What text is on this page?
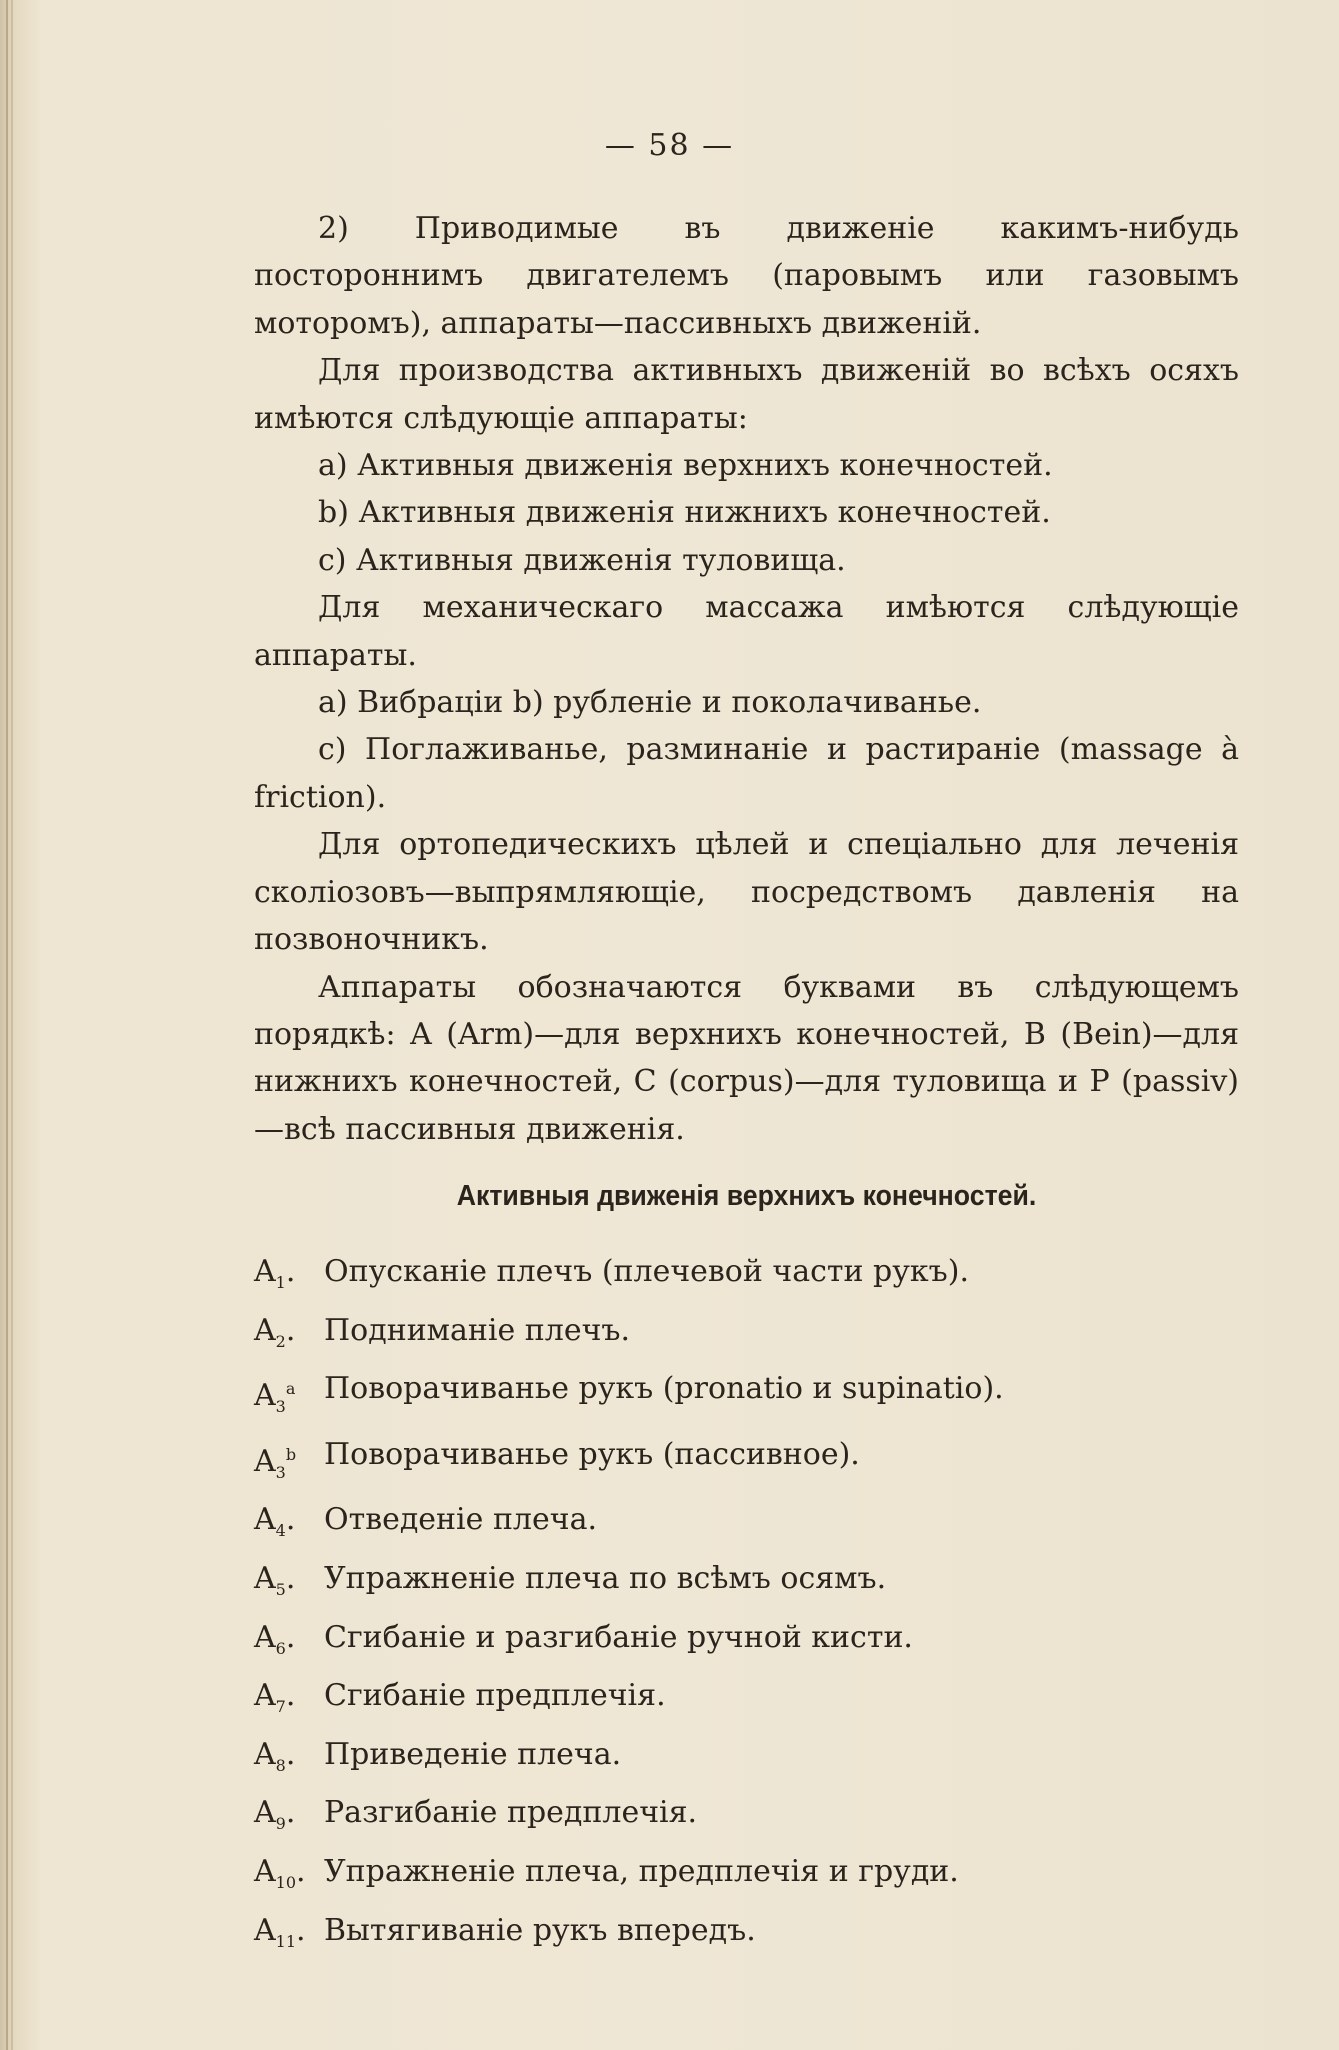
— 58 —

2) Приводимые въ движеніе какимъ-нибудь постороннимъ двигателемъ (паровымъ или газовымъ моторомъ), аппараты—пассивныхъ движеній.

Для производства активныхъ движеній во всѣхъ осяхъ имѣются слѣдующіе аппараты:

a) Активныя движенія верхнихъ конечностей.

b) Активныя движенія нижнихъ конечностей.

c) Активныя движенія туловища.

Для механическаго массажа имѣются слѣдующіе аппараты.

a) Вибраціи b) рубленіе и поколачиванье.

c) Поглаживанье, разминаніе и растираніе (massage à friction).

Для ортопедическихъ цѣлей и спеціально для леченія сколіозовъ—выпрямляющіе, посредствомъ давленія на позвоночникъ.

Аппараты обозначаются буквами въ слѣдующемъ порядкѣ: A (Arm)—для верхнихъ конечностей, B (Bein)—для нижнихъ конечностей, C (corpus)—для туловища и P (passiv)—всѣ пассивныя движенія.

Активныя движенія верхнихъ конечностей.
$A_1$. Опусканіе плечъ (плечевой части рукъ).
$A_2$. Подниманіе плечъ.
$A_3^a$ Поворачиванье рукъ (pronatio и supinatio).
$A_3^b$ Поворачиванье рукъ (пассивное).
$A_4$. Отведеніе плеча.
$A_5$. Упражненіе плеча по всѣмъ осямъ.
$A_6$. Сгибаніе и разгибаніе ручной кисти.
$A_7$. Сгибаніе предплечія.
$A_8$. Приведеніе плеча.
$A_9$. Разгибаніе предплечія.
$A_{10}$. Упражненіе плеча, предплечія и груди.
$A_{11}$. Вытягиваніе рукъ впередъ.
